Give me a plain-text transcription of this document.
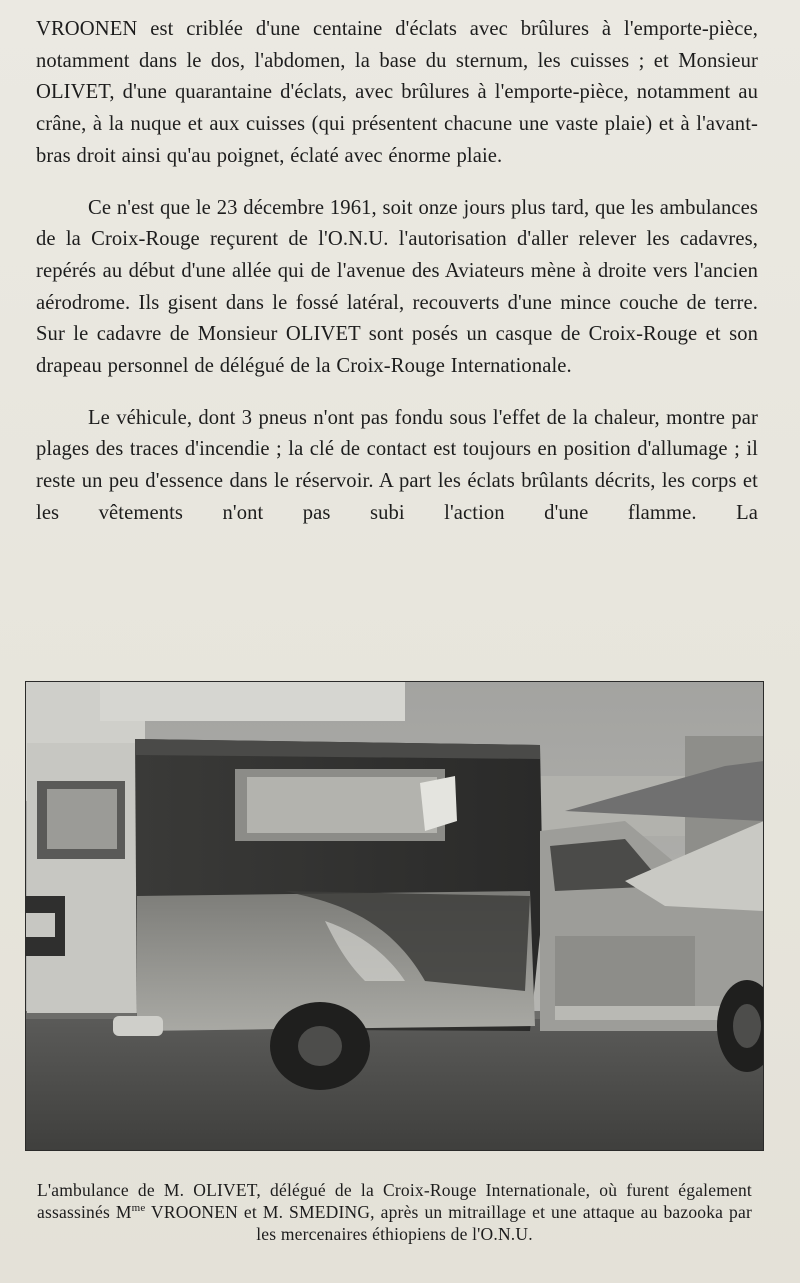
VROONEN est criblée d'une centaine d'éclats avec brûlures à l'emporte-pièce, notamment dans le dos, l'abdomen, la base du sternum, les cuisses ; et Monsieur OLIVET, d'une quarantaine d'éclats, avec brûlures à l'emporte-pièce, notamment au crâne, à la nuque et aux cuisses (qui présentent chacune une vaste plaie) et à l'avant-bras droit ainsi qu'au poignet, éclaté avec énorme plaie.

Ce n'est que le 23 décembre 1961, soit onze jours plus tard, que les ambulances de la Croix-Rouge reçurent de l'O.N.U. l'autorisation d'aller relever les cadavres, repérés au début d'une allée qui de l'avenue des Aviateurs mène à droite vers l'ancien aérodrome. Ils gisent dans le fossé latéral, recouverts d'une mince couche de terre. Sur le cadavre de Monsieur OLIVET sont posés un casque de Croix-Rouge et son drapeau personnel de délégué de la Croix-Rouge Internationale.

Le véhicule, dont 3 pneus n'ont pas fondu sous l'effet de la chaleur, montre par plages des traces d'incendie ; la clé de contact est toujours en position d'allumage ; il reste un peu d'essence dans le réservoir. A part les éclats brûlants décrits, les corps et les vêtements n'ont pas subi l'action d'une flamme. La

L'ambulance de M. OLIVET, délégué de la Croix-Rouge Internationale, où furent également assassinés $M^{me}$ VROONEN et M. SMEDING, après un mitraillage et une attaque au bazooka par les mercenaires éthiopiens de l'O.N.U.
